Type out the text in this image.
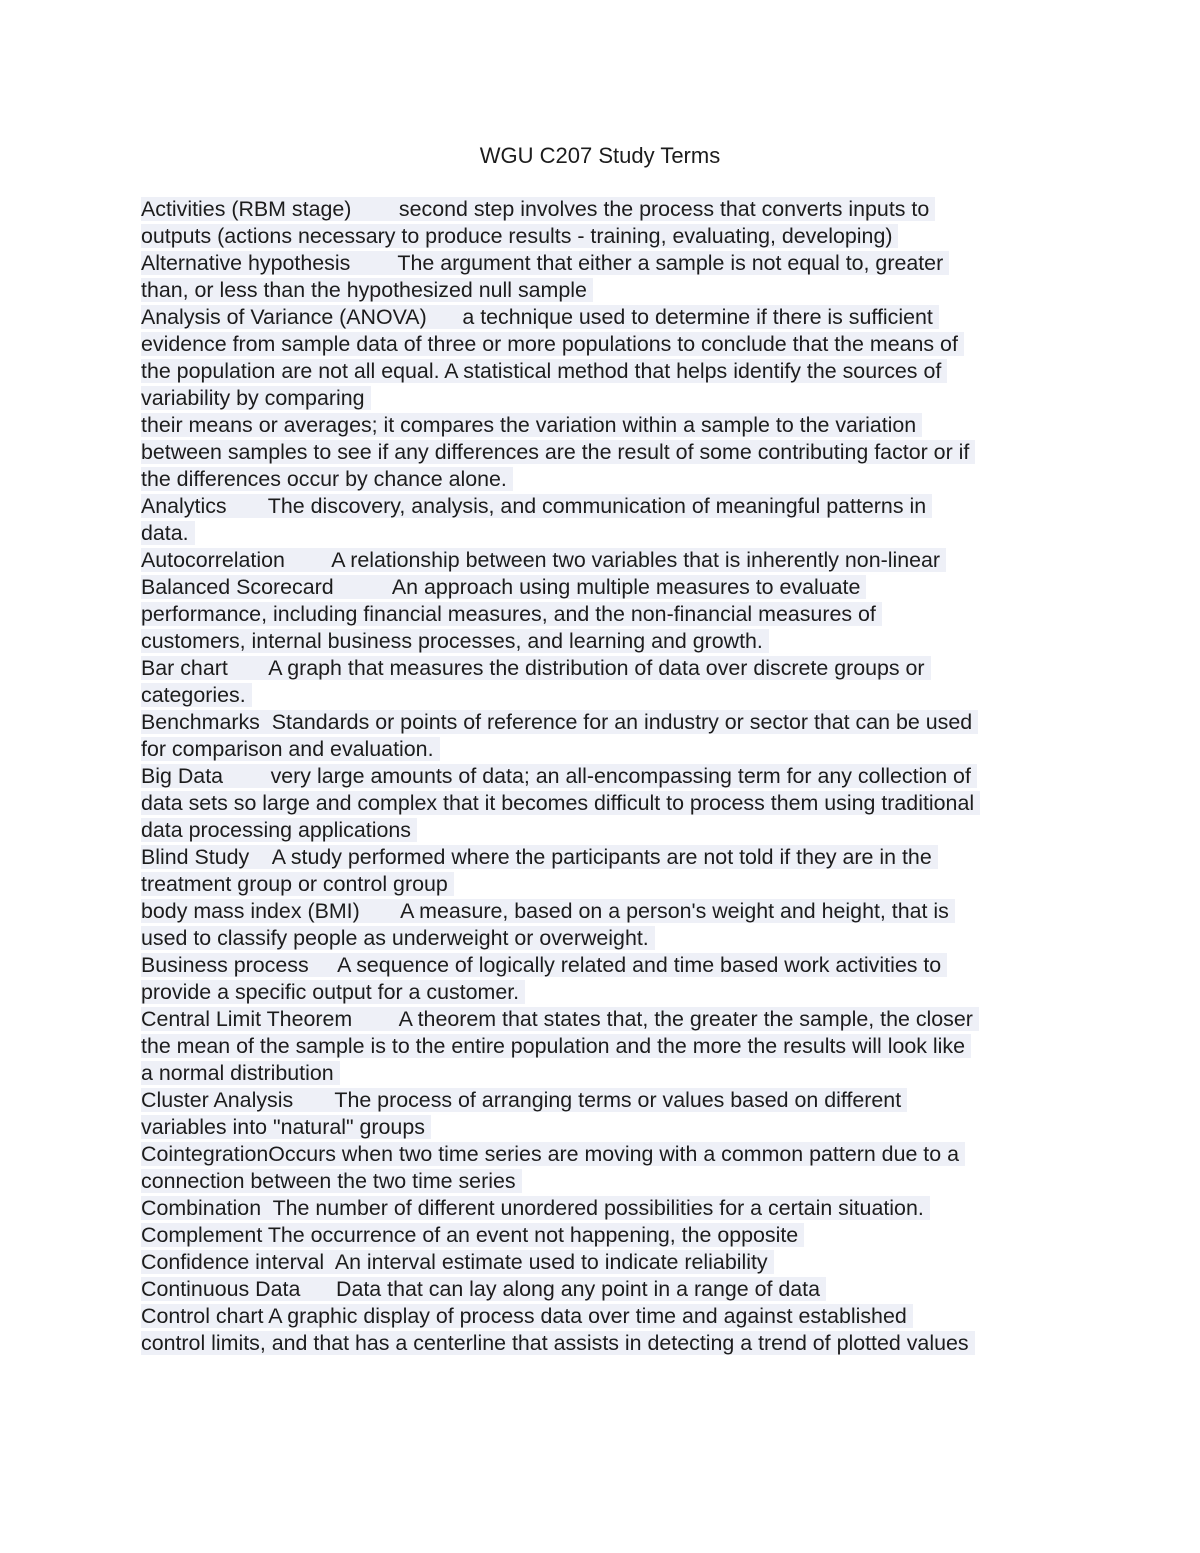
WGU C207 Study Terms
Activities (RBM stage)        second step involves the process that converts inputs to
outputs (actions necessary to produce results - training, evaluating, developing)
Alternative hypothesis        The argument that either a sample is not equal to, greater
than, or less than the hypothesized null sample
Analysis of Variance (ANOVA)      a technique used to determine if there is sufficient
evidence from sample data of three or more populations to conclude that the means of
the population are not all equal. A statistical method that helps identify the sources of
variability by comparing
their means or averages; it compares the variation within a sample to the variation
between samples to see if any differences are the result of some contributing factor or if
the differences occur by chance alone.
Analytics       The discovery, analysis, and communication of meaningful patterns in
data.
Autocorrelation        A relationship between two variables that is inherently non-linear
Balanced Scorecard          An approach using multiple measures to evaluate
performance, including financial measures, and the non-financial measures of
customers, internal business processes, and learning and growth.
Bar chart       A graph that measures the distribution of data over discrete groups or
categories.
Benchmarks  Standards or points of reference for an industry or sector that can be used
for comparison and evaluation.
Big Data        very large amounts of data; an all-encompassing term for any collection of
data sets so large and complex that it becomes difficult to process them using traditional
data processing applications
Blind Study    A study performed where the participants are not told if they are in the
treatment group or control group
body mass index (BMI)       A measure, based on a person's weight and height, that is
used to classify people as underweight or overweight.
Business process     A sequence of logically related and time based work activities to
provide a specific output for a customer.
Central Limit Theorem        A theorem that states that, the greater the sample, the closer
the mean of the sample is to the entire population and the more the results will look like
a normal distribution
Cluster Analysis       The process of arranging terms or values based on different
variables into "natural" groups
CointegrationOccurs when two time series are moving with a common pattern due to a
connection between the two time series
Combination  The number of different unordered possibilities for a certain situation.
Complement The occurrence of an event not happening, the opposite
Confidence interval  An interval estimate used to indicate reliability
Continuous Data      Data that can lay along any point in a range of data
Control chart A graphic display of process data over time and against established
control limits, and that has a centerline that assists in detecting a trend of plotted values
